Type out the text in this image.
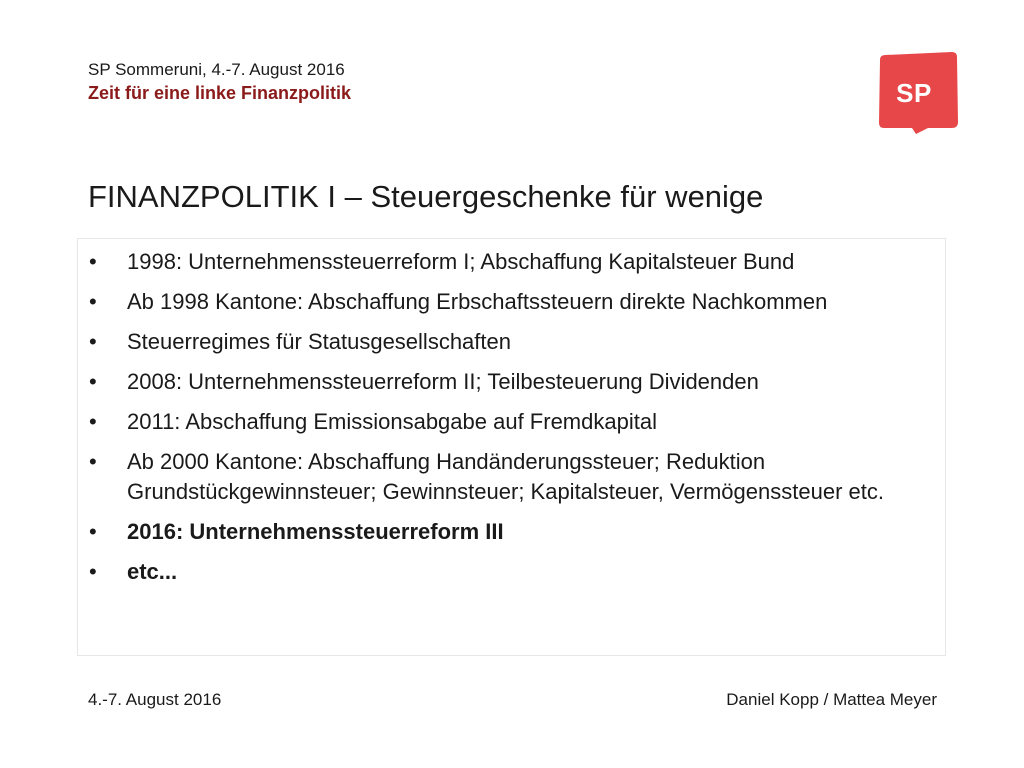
SP Sommeruni, 4.-7. August 2016
Zeit für eine linke Finanzpolitik	SP
FINANZPOLITIK I – Steuergeschenke für wenige
• 1998: Unternehmenssteuerreform I; Abschaffung Kapitalsteuer Bund
• Ab 1998 Kantone: Abschaffung Erbschaftssteuern direkte Nachkommen
• Steuerregimes für Statusgesellschaften
• 2008: Unternehmenssteuerreform II; Teilbesteuerung Dividenden
• 2011: Abschaffung Emissionsabgabe auf Fremdkapital
• Ab 2000 Kantone: Abschaffung Handänderungssteuer; Reduktion Grundstückgewinnsteuer; Gewinnsteuer; Kapitalsteuer, Vermögenssteuer etc.
• 2016: Unternehmenssteuerreform III
• etc...
4.-7. August 2016	Daniel Kopp / Mattea Meyer
